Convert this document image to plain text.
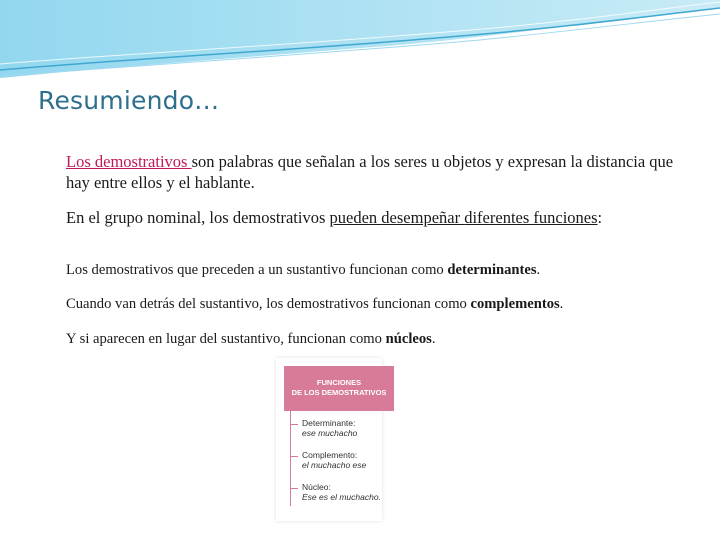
Resumiendo…
Los demostrativos son palabras que señalan a los seres u objetos y expresan la distancia que hay entre ellos y el hablante.
En el grupo nominal, los demostrativos pueden desempeñar diferentes funciones:
Los demostrativos que preceden a un sustantivo funcionan como determinantes.
Cuando van detrás del sustantivo, los demostrativos funcionan como complementos.
Y si aparecen en lugar del sustantivo, funcionan como núcleos.
FUNCIONES
DE LOS DEMOSTRATIVOS
Determinante:
ese muchacho
Complemento:
el muchacho ese
Núcleo:
Ese es el muchacho.
